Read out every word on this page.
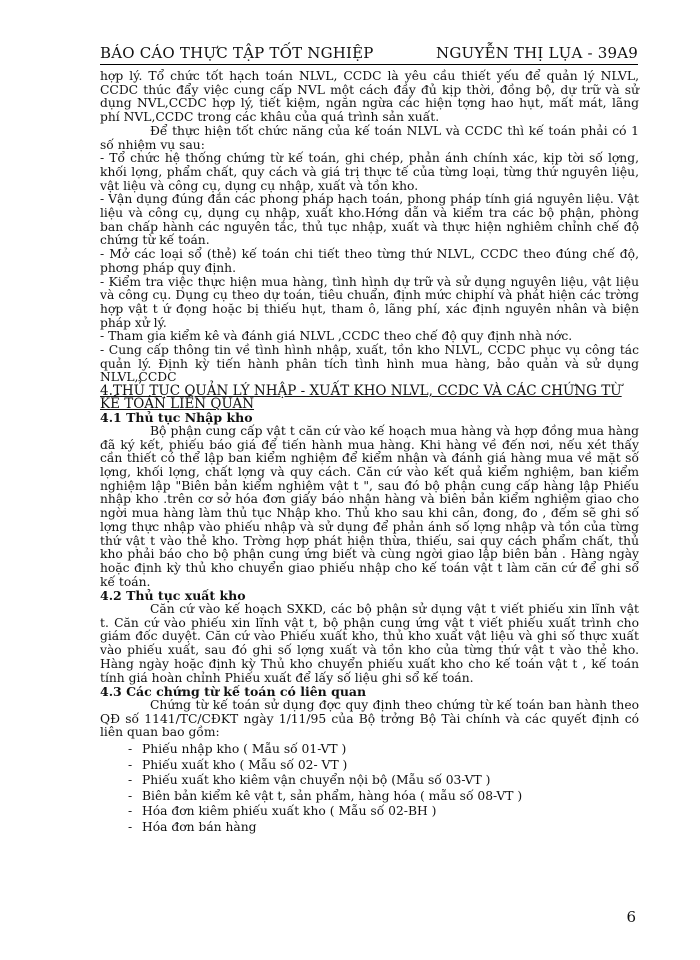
BÁO CÁO THỰC TẬP TỐT NGHIỆP	NGUYỄN THỊ LỤA - 39A9

hợp lý. Tổ chức tốt hạch toán NLVL, CCDC là yêu cầu thiết yếu để quản lý NLVL, CCDC thúc đẩy việc cung cấp NVL một cách đầy đủ kịp thời, đồng bộ, dự trữ và sử dụng NVL,CCDC hợp lý, tiết kiệm, ngăn ngừa các hiện tợng hao hụt, mất mát, lãng phí NVL,CCDC trong các khâu của quá trình sản xuất.

Để thực hiện tốt chức năng của kế toán NLVL và CCDC thì kế toán phải có 1 số nhiệm vụ sau:

- Tổ chức hệ thống chứng từ kế toán, ghi chép, phản ánh chính xác, kịp tời số lợng, khối lợng, phẩm chất, quy cách và giá trị thực tế của từng loại, từng thứ nguyên liệu, vật liệu và công cụ, dụng cụ nhập, xuất và tồn kho.

- Vận dụng đúng đắn các phong pháp hạch toán, phong pháp tính giá nguyên liệu. Vật liệu và công cụ, dụng cụ nhập, xuất kho.Hớng dẫn và kiểm tra các bộ phận, phòng ban chấp hành các nguyên tắc, thủ tục nhập, xuất và thực hiện nghiêm chỉnh chế độ chứng từ kế toán.

- Mở các loại sổ (thẻ) kế toán chi tiết theo từng thứ NLVL, CCDC theo đúng chế độ, phơng pháp quy định.

- Kiểm tra việc thực hiện mua hàng, tình hình dự trữ và sử dụng nguyên liệu, vật liệu và công cụ. Dụng cụ theo dự toán, tiêu chuẩn, định mức chiphí và phát hiện các trờng hợp vật t ứ đọng hoặc bị thiếu hụt, tham ô, lãng phí, xác định nguyên nhân và biện pháp xử lý.

- Tham gia kiểm kê và đánh giá NLVL ,CCDC theo chế độ quy định nhà nớc.

- Cung cấp thông tin về tình hình nhập, xuất, tồn kho NLVL, CCDC phục vụ công tác quản lý. Định kỳ tiến hành phân tích tình hình mua hàng, bảo quản và sử dụng NLVL,CCDC

4.THỦ TỤC QUẢN LÝ NHẬP - XUẤT KHO NLVL, CCDC VÀ CÁC CHỨNG TỪ KẾ TOÁN LIÊN QUAN

4.1 Thủ tục Nhập kho

Bộ phận cung cấp vật t căn cứ vào kế hoạch mua hàng và hợp đồng mua hàng đã ký kết, phiếu báo giá để tiến hành mua hàng. Khi hàng về đến nơi, nếu xét thấy cần thiết có thể lập ban kiểm nghiệm để kiểm nhận và đánh giá hàng mua về mặt số lợng, khối lợng, chất lợng và quy cách. Căn cứ vào kết quả kiểm nghiệm, ban kiểm nghiệm lập "Biên bản kiểm nghiệm vật t ", sau đó bộ phận cung cấp hàng lập Phiếu nhập kho .trên cơ sở hóa đơn giấy báo nhận hàng và biên bản kiểm nghiệm giao cho ngời mua hàng làm thủ tục Nhập kho. Thủ kho sau khi cân, đong, đo , đếm sẽ ghi số lợng thực nhập vào phiếu nhập và sử dụng để phản ánh số lợng nhập và tồn của từng thứ vật t vào thẻ kho. Trờng hợp phát hiện thừa, thiếu, sai quy cách phẩm chất, thủ kho phải báo cho bộ phận cung ứng biết và cùng ngời giao lập biên bản . Hàng ngày hoặc định kỳ thủ kho chuyển giao phiếu nhập cho kế toán vật t làm căn cứ để ghi sổ kế toán.

4.2 Thủ tục xuất kho

Căn cứ vào kế hoạch SXKD, các bộ phận sử dụng vật t viết phiếu xin lĩnh vật t. Căn cứ vào phiếu xin lĩnh vật t, bộ phận cung ứng vật t viết phiếu xuất trình cho giám đốc duyệt. Căn cứ vào Phiếu xuất kho, thủ kho xuất vật liệu và ghi số thực xuất vào phiếu xuất, sau đó ghi số lợng xuất và tồn kho của từng thứ vật t vào thẻ kho. Hàng ngày hoặc định kỳ Thủ kho chuyển phiếu xuất kho cho kế toán vật t , kế toán tính giá hoàn chỉnh Phiếu xuất để lấy số liệu ghi sổ kế toán.

4.3 Các chứng từ kế toán có liên quan

Chứng từ kế toán sử dụng đợc quy định theo chứng từ kế toán ban hành theo QĐ số 1141/TC/CĐKT ngày 1/11/95 của Bộ trởng Bộ Tài chính và các quyết định có liên quan bao gồm:

- Phiếu nhập kho ( Mẫu số 01-VT )
- Phiếu xuất kho ( Mẫu số 02- VT )
- Phiếu xuất kho kiêm vận chuyển nội bộ (Mẫu số 03-VT )
- Biên bản kiểm kê vật t, sản phẩm, hàng hóa ( mẫu số 08-VT )
- Hóa đơn kiêm phiếu xuất kho ( Mẫu số 02-BH )
- Hóa đơn bán hàng
6
